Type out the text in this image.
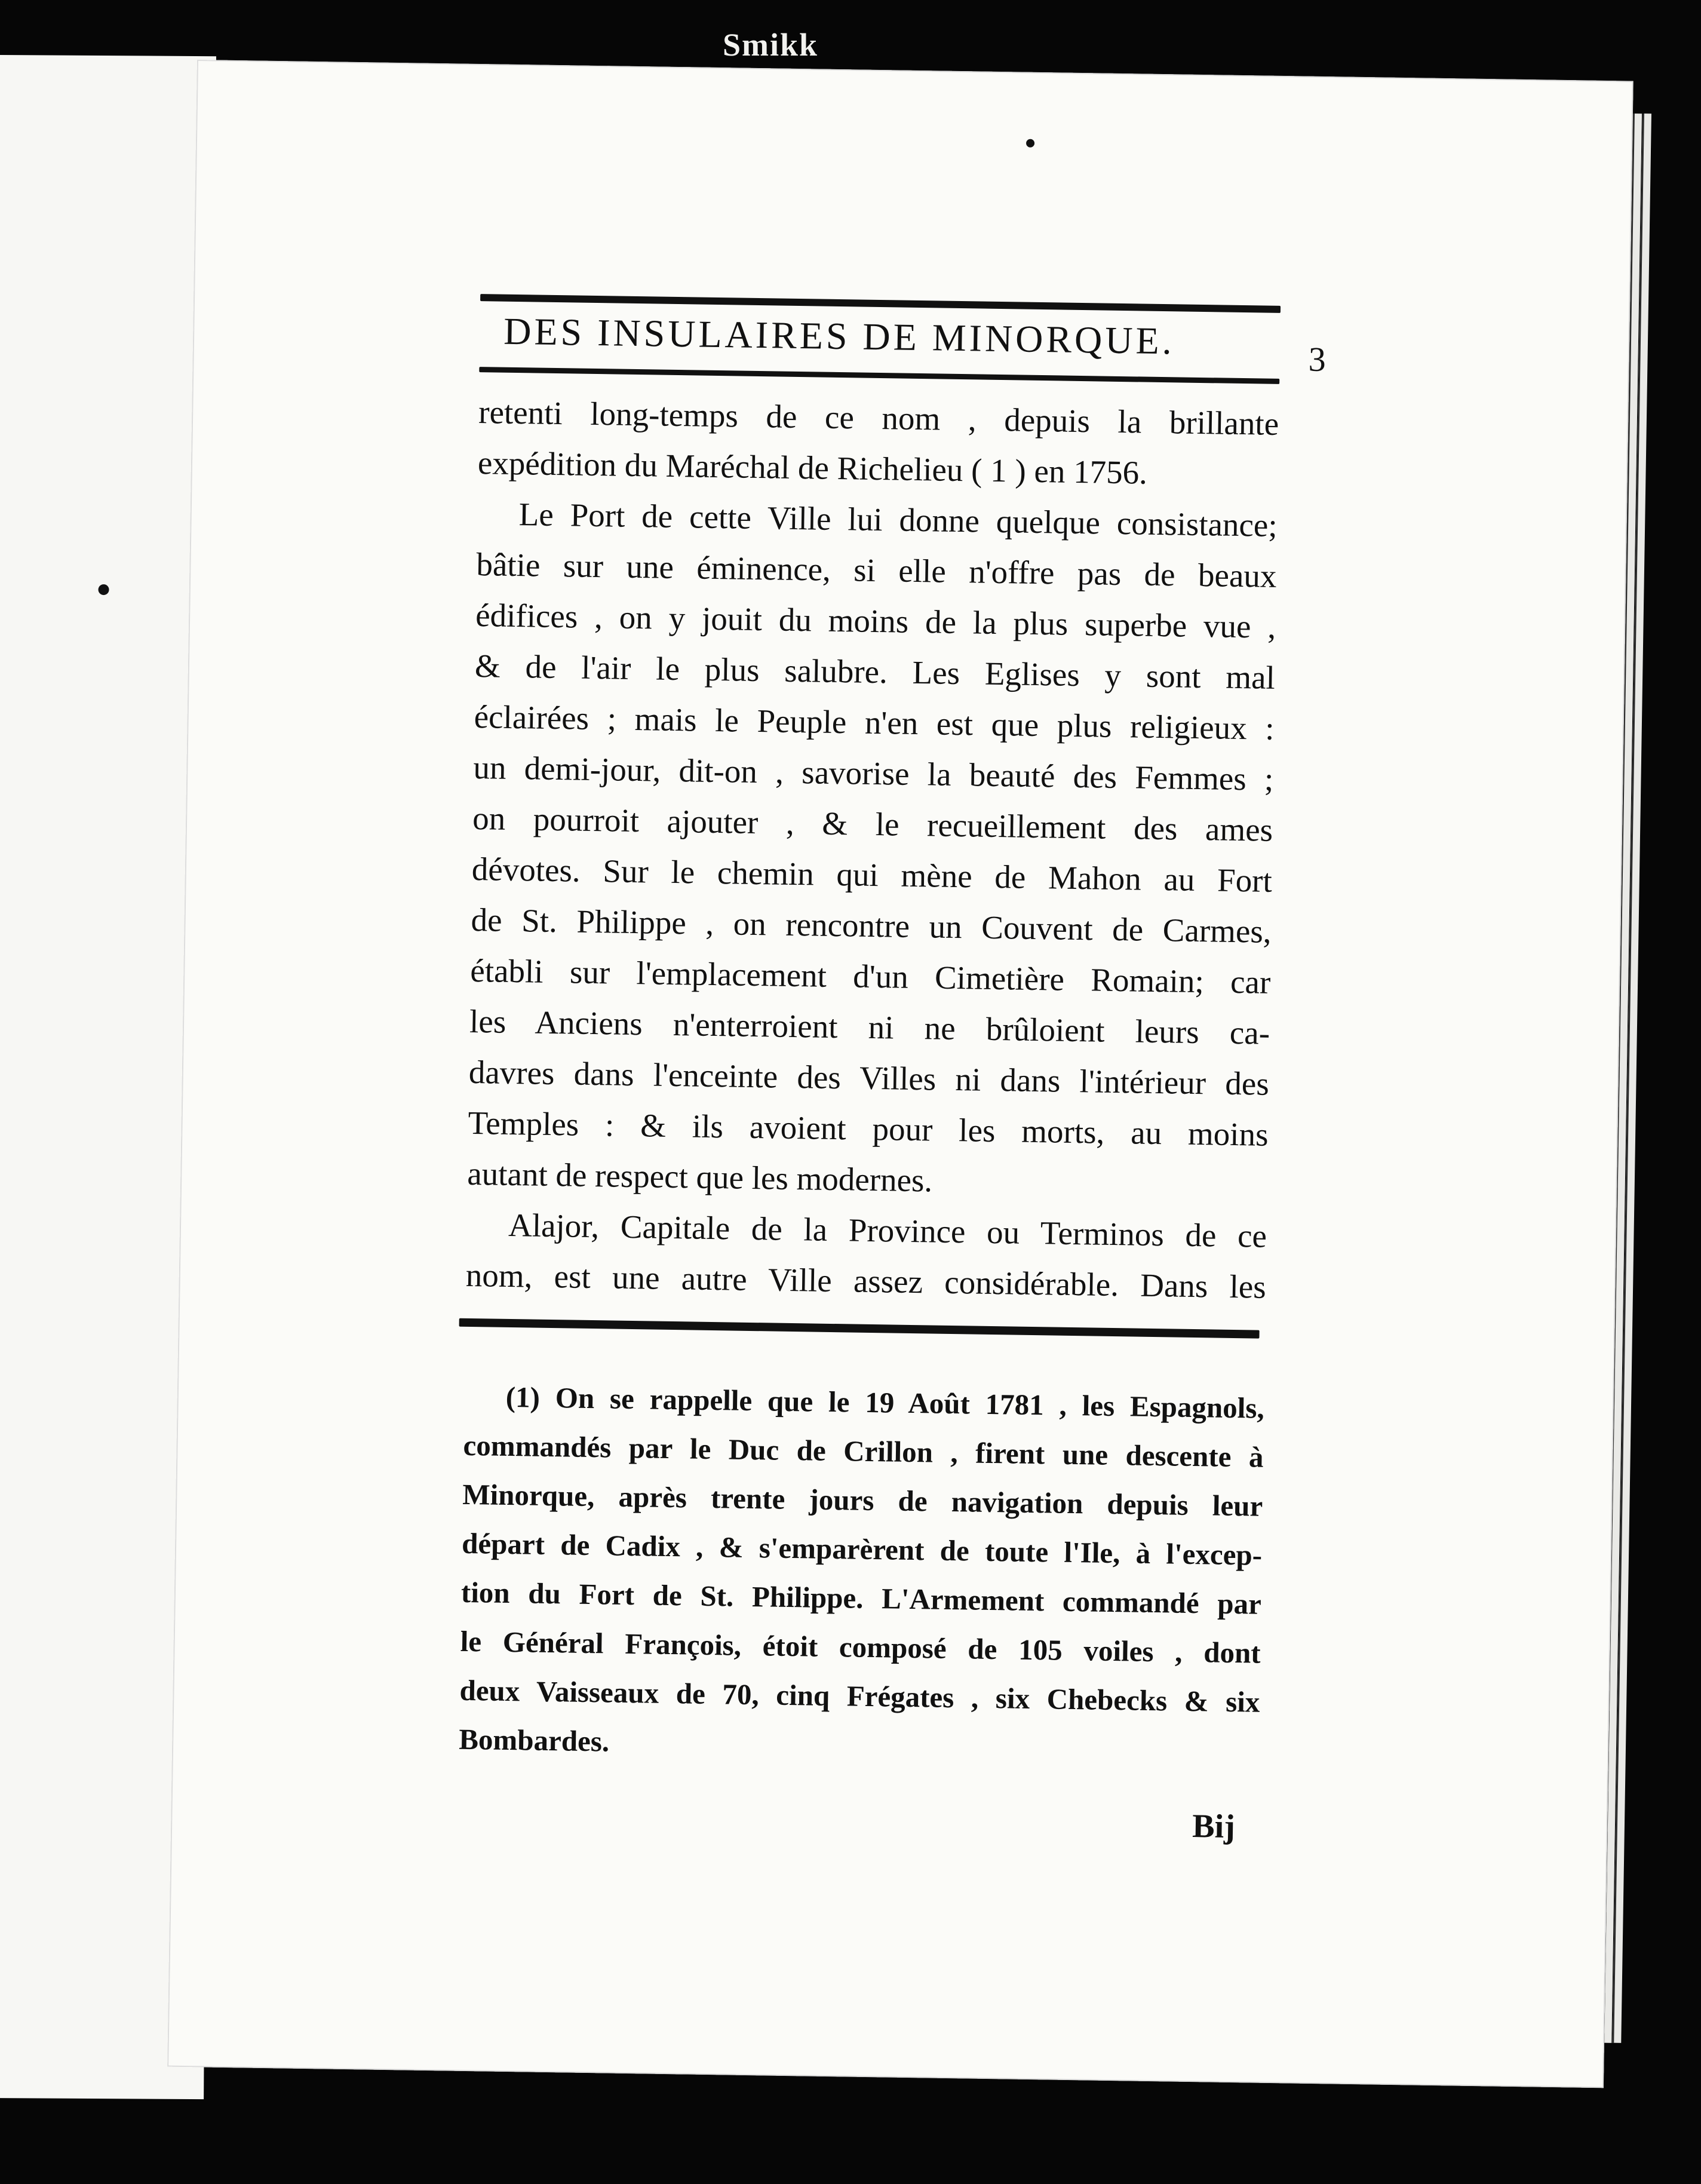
Smikk
DES INSULAIRES DE MINORQUE.	3
retenti long-temps de ce nom , depuis la brillante
expédition du Maréchal de Richelieu ( 1 ) en 1756.
Le Port de cette Ville lui donne quelque consistance;
bâtie sur une éminence, si elle n'offre pas de beaux
édifices , on y jouit du moins de la plus superbe vue ,
& de l'air le plus salubre. Les Eglises y sont mal
éclairées ; mais le Peuple n'en est que plus religieux :
un demi-jour, dit-on , savorise la beauté des Femmes ;
on pourroit ajouter , & le recueillement des ames
dévotes. Sur le chemin qui mène de Mahon au Fort
de St. Philippe , on rencontre un Couvent de Carmes,
établi sur l'emplacement d'un Cimetière Romain; car
les Anciens n'enterroient ni ne brûloient leurs ca-
davres dans l'enceinte des Villes ni dans l'intérieur des
Temples : & ils avoient pour les morts, au moins
autant de respect que les modernes.
Alajor, Capitale de la Province ou Terminos de ce
nom, est une autre Ville assez considérable. Dans les
(1) On se rappelle que le 19 Août 1781 , les Espagnols,
commandés par le Duc de Crillon , firent une descente à
Minorque, après trente jours de navigation depuis leur
départ de Cadix , & s'emparèrent de toute l'Ile, à l'excep-
tion du Fort de St. Philippe. L'Armement commandé par
le Général François, étoit composé de 105 voiles , dont
deux Vaisseaux de 70, cinq Frégates , six Chebecks & six
Bombardes.
Bij
